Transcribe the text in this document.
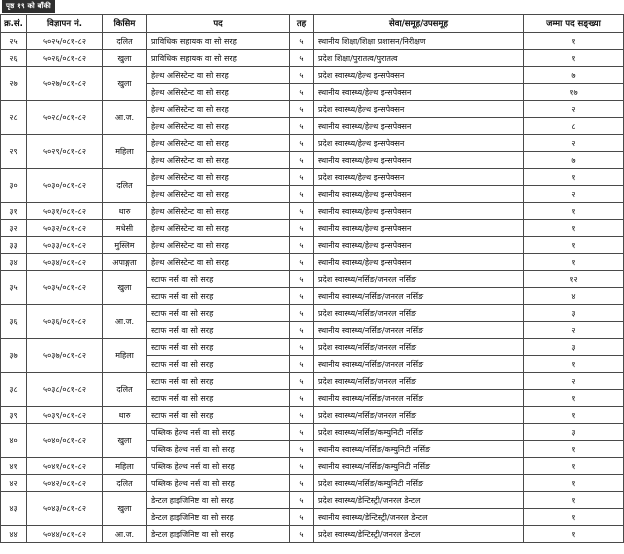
पृष्ठ १९ को बाँकी
क्र.सं.	विज्ञापन नं.	किसिम	पद	तह	सेवा/समूह/उपसमूह	जम्मा पद सङ्ख्या
२५	५०२५/०८१-८२	दलित	प्राविधिक सहायक वा सो सरह	५	स्थानीय शिक्षा/शिक्षा प्रशासन/निरीक्षण	१
२६	५०२६/०८१-८२	खुला	प्राविधिक सहायक वा सो सरह	५	प्रदेश शिक्षा/पुरातत्व/पुरातत्व	१
२७	५०२७/०८१-८२	खुला	हेल्थ असिस्टेन्ट वा सो सरह	५	प्रदेश स्वास्थ्य/हेल्थ इन्सपेक्सन	७
			हेल्थ असिस्टेन्ट वा सो सरह	५	स्थानीय स्वास्थ्य/हेल्थ इन्सपेक्सन	१७
२८	५०२८/०८१-८२	आ.ज.	हेल्थ असिस्टेन्ट वा सो सरह	५	प्रदेश स्वास्थ्य/हेल्थ इन्सपेक्सन	२
			हेल्थ असिस्टेन्ट वा सो सरह	५	स्थानीय स्वास्थ्य/हेल्थ इन्सपेक्सन	८
२९	५०२९/०८१-८२	महिला	हेल्थ असिस्टेन्ट वा सो सरह	५	प्रदेश स्वास्थ्य/हेल्थ इन्सपेक्सन	२
			हेल्थ असिस्टेन्ट वा सो सरह	५	स्थानीय स्वास्थ्य/हेल्थ इन्सपेक्सन	७
३०	५०३०/०८१-८२	दलित	हेल्थ असिस्टेन्ट वा सो सरह	५	प्रदेश स्वास्थ्य/हेल्थ इन्सपेक्सन	१
			हेल्थ असिस्टेन्ट वा सो सरह	५	स्थानीय स्वास्थ्य/हेल्थ इन्सपेक्सन	२
३१	५०३१/०८१-८२	थारु	हेल्थ असिस्टेन्ट वा सो सरह	५	स्थानीय स्वास्थ्य/हेल्थ इन्सपेक्सन	१
३२	५०३२/०८१-८२	मधेसी	हेल्थ असिस्टेन्ट वा सो सरह	५	स्थानीय स्वास्थ्य/हेल्थ इन्सपेक्सन	१
३३	५०३३/०८१-८२	मुस्लिम	हेल्थ असिस्टेन्ट वा सो सरह	५	स्थानीय स्वास्थ्य/हेल्थ इन्सपेक्सन	१
३४	५०३४/०८१-८२	अपाङ्गता	हेल्थ असिस्टेन्ट वा सो सरह	५	स्थानीय स्वास्थ्य/हेल्थ इन्सपेक्सन	१
३५	५०३५/०८१-८२	खुला	स्टाफ नर्स वा सो सरह	५	प्रदेश स्वास्थ्य/नर्सिङ/जनरल नर्सिङ	१२
			स्टाफ नर्स वा सो सरह	५	स्थानीय स्वास्थ्य/नर्सिङ/जनरल नर्सिङ	४
३६	५०३६/०८१-८२	आ.ज.	स्टाफ नर्स वा सो सरह	५	प्रदेश स्वास्थ्य/नर्सिङ/जनरल नर्सिङ	३
			स्टाफ नर्स वा सो सरह	५	स्थानीय स्वास्थ्य/नर्सिङ/जनरल नर्सिङ	२
३७	५०३७/०८१-८२	महिला	स्टाफ नर्स वा सो सरह	५	प्रदेश स्वास्थ्य/नर्सिङ/जनरल नर्सिङ	३
			स्टाफ नर्स वा सो सरह	५	स्थानीय स्वास्थ्य/नर्सिङ/जनरल नर्सिङ	१
३८	५०३८/०८१-८२	दलित	स्टाफ नर्स वा सो सरह	५	प्रदेश स्वास्थ्य/नर्सिङ/जनरल नर्सिङ	२
			स्टाफ नर्स वा सो सरह	५	स्थानीय स्वास्थ्य/नर्सिङ/जनरल नर्सिङ	१
३९	५०३९/०८१-८२	थारु	स्टाफ नर्स वा सो सरह	५	प्रदेश स्वास्थ्य/नर्सिङ/जनरल नर्सिङ	१
४०	५०४०/०८१-८२	खुला	पब्लिक हेल्थ नर्स वा सो सरह	५	प्रदेश स्वास्थ्य/नर्सिङ/कम्युनिटी नर्सिङ	३
			पब्लिक हेल्थ नर्स वा सो सरह	५	स्थानीय स्वास्थ्य/नर्सिङ/कम्युनिटी नर्सिङ	१
४१	५०४१/०८१-८२	महिला	पब्लिक हेल्थ नर्स वा सो सरह	५	स्थानीय स्वास्थ्य/नर्सिङ/कम्युनिटी नर्सिङ	१
४२	५०४२/०८१-८२	दलित	पब्लिक हेल्थ नर्स वा सो सरह	५	प्रदेश स्वास्थ्य/नर्सिङ/कम्युनिटी नर्सिङ	१
४३	५०४३/०८१-८२	खुला	डेन्टल हाइजिनिष्ट वा सो सरह	५	प्रदेश स्वास्थ्य/डेन्टिस्ट्री/जनरल डेन्टल	१
			डेन्टल हाइजिनिष्ट वा सो सरह	५	स्थानीय स्वास्थ्य/डेन्टिस्ट्री/जनरल डेन्टल	१
४४	५०४४/०८१-८२	आ.ज.	डेन्टल हाइजिनिष्ट वा सो सरह	५	प्रदेश स्वास्थ्य/डेन्टिस्ट्री/जनरल डेन्टल	१
